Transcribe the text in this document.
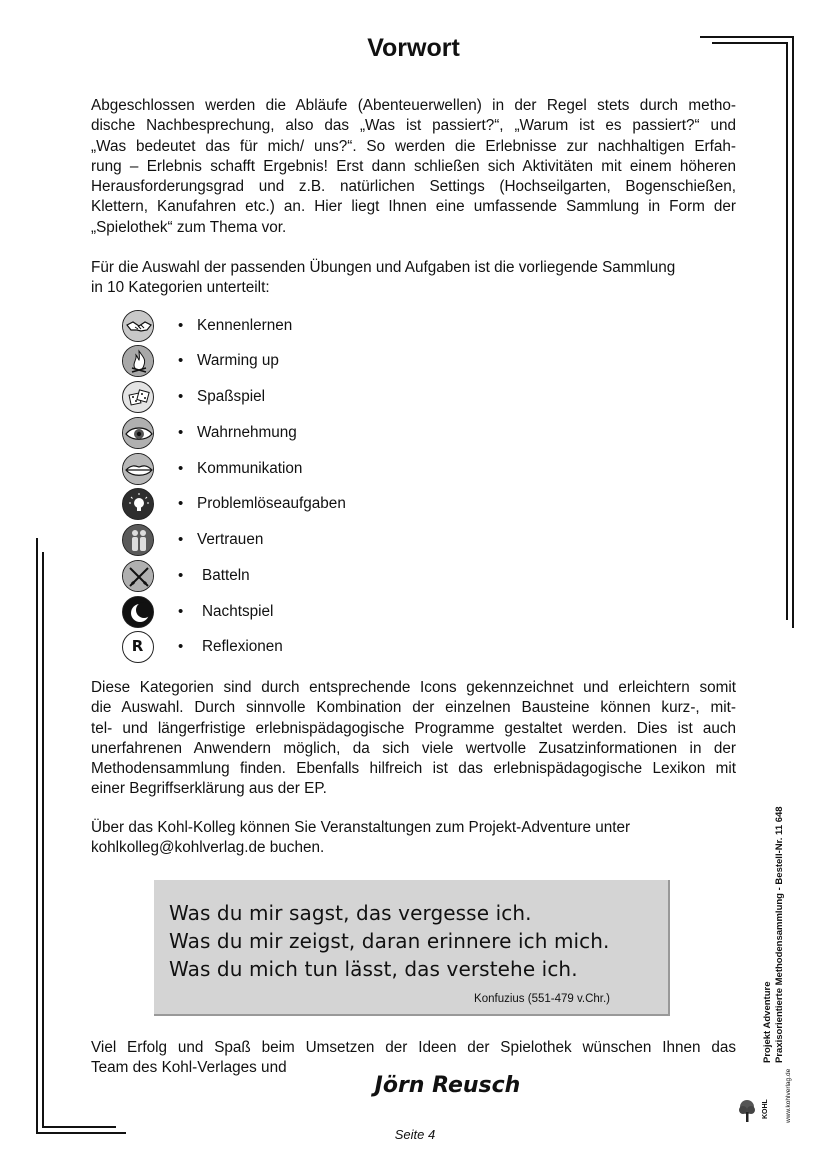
Vorwort
Abgeschlossen werden die Abläufe (Abenteuerwellen) in der Regel stets durch metho-
dische Nachbesprechung, also das „Was ist passiert?“, „Warum ist es passiert?“ und
„Was bedeutet das für mich/ uns?“. So werden die Erlebnisse zur nachhaltigen Erfah-
rung – Erlebnis schafft Ergebnis! Erst dann schließen sich Aktivitäten mit einem höheren
Herausforderungsgrad und z.B. natürlichen Settings (Hochseilgarten, Bogenschießen,
Klettern, Kanufahren etc.) an. Hier liegt Ihnen eine umfassende Sammlung in Form der
„Spielothek“ zum Thema vor.
Für die Auswahl der passenden Übungen und Aufgaben ist die vorliegende Sammlung
in 10 Kategorien unterteilt:
• Kennenlernen
• Warming up
• Spaßspiel
• Wahrnehmung
• Kommunikation
• Problemlöseaufgaben
• Vertrauen
• Batteln
• Nachtspiel
R	• Reflexionen
Diese Kategorien sind durch entsprechende Icons gekennzeichnet und erleichtern somit
die Auswahl. Durch sinnvolle Kombination der einzelnen Bausteine können kurz-, mit-
tel- und längerfristige erlebnispädagogische Programme gestaltet werden. Dies ist auch
unerfahrenen Anwendern möglich, da sich viele wertvolle Zusatzinformationen in der
Methodensammlung finden. Ebenfalls hilfreich ist das erlebnispädagogische Lexikon mit
einer Begriffserklärung aus der EP.
Über das Kohl-Kolleg können Sie Veranstaltungen zum Projekt-Adventure unter
kohlkolleg@kohlverlag.de buchen.
Was du mir sagst, das vergesse ich.
Was du mir zeigst, daran erinnere ich mich.
Was du mich tun lässt, das verstehe ich.
Konfuzius (551-479 v.Chr.)
Viel Erfolg und Spaß beim Umsetzen der Ideen der Spielothek wünschen Ihnen das
Team des Kohl-Verlages und
Jörn Reusch
Seite 4
Projekt Adventure Praxisorientierte Methodensammlung - Bestell-Nr. 11 648
www.kohlverlag.de
KOHL
